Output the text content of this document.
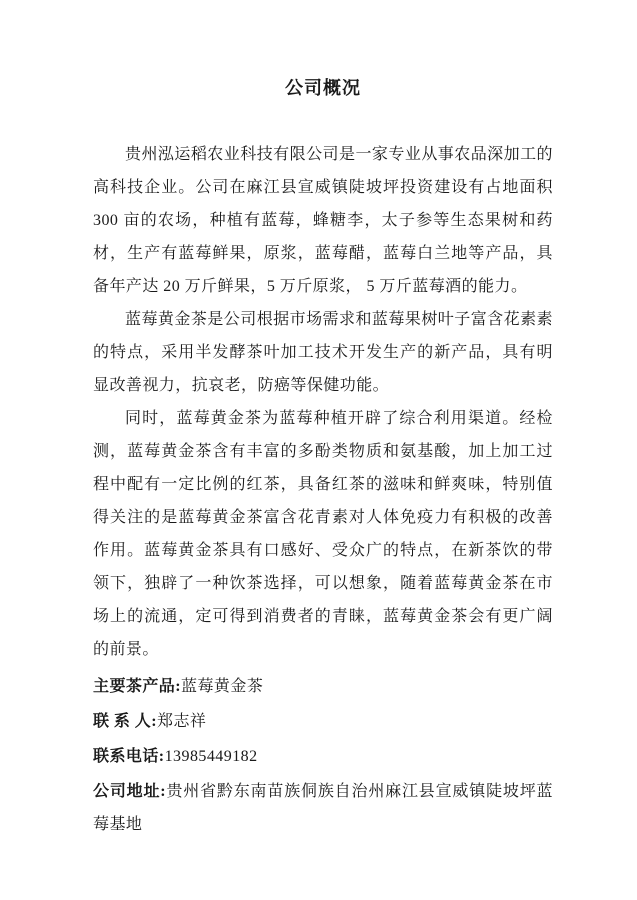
公司概况

贵州泓运稻农业科技有限公司是一家专业从事农品深加工的高科技企业。公司在麻江县宣威镇陡坡坪投资建设有占地面积300 亩的农场，种植有蓝莓，蜂糖李，太子参等生态果树和药材，生产有蓝莓鲜果，原浆，蓝莓醋，蓝莓白兰地等产品，具备年产达 20 万斤鲜果，5 万斤原浆， 5 万斤蓝莓酒的能力。

蓝莓黄金茶是公司根据市场需求和蓝莓果树叶子富含花素素的特点，采用半发酵茶叶加工技术开发生产的新产品，具有明显改善视力，抗哀老，防癌等保健功能。

同时，蓝莓黄金茶为蓝莓种植开辟了综合利用渠道。经检测，蓝莓黄金茶含有丰富的多酚类物质和氨基酸，加上加工过程中配有一定比例的红茶，具备红茶的滋味和鲜爽味，特别值得关注的是蓝莓黄金茶富含花青素对人体免疫力有积极的改善作用。蓝莓黄金茶具有口感好、受众广的特点，在新茶饮的带领下，独辟了一种饮茶选择，可以想象，随着蓝莓黄金茶在市场上的流通，定可得到消费者的青睐，蓝莓黄金茶会有更广阔的前景。

主要茶产品:蓝莓黄金茶

联 系 人:郑志祥

联系电话:13985449182

公司地址:贵州省黔东南苗族侗族自治州麻江县宣威镇陡坡坪蓝莓基地
